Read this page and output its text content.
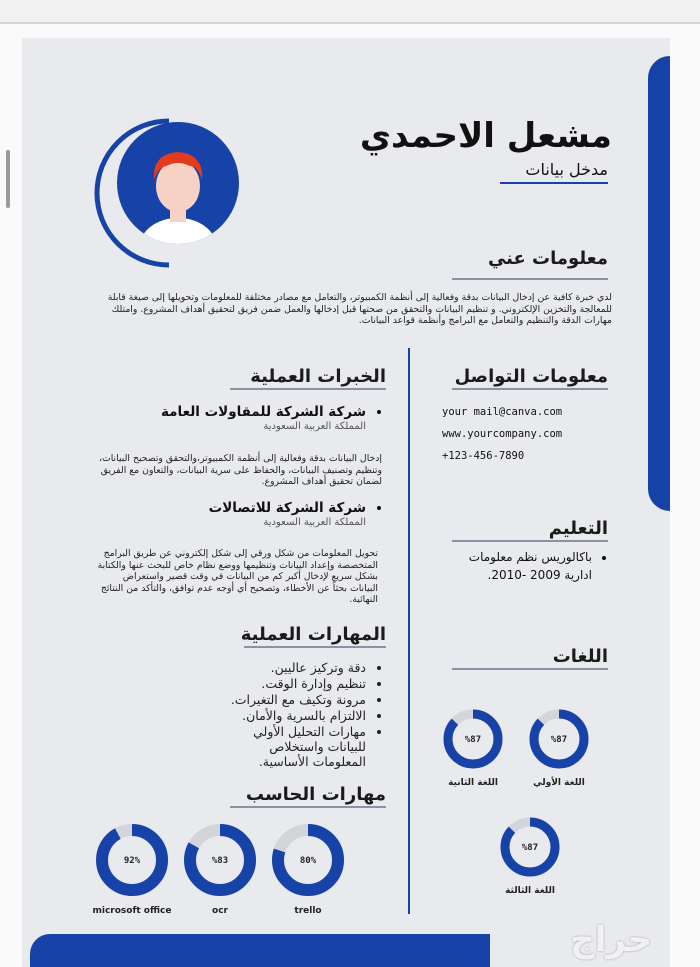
مشعل الاحمدي
مدخل بيانات
معلومات عني
لدي خبرة كافية عن إدخال البيانات بدقة وفعالية إلى أنظمة الكمبيوتر، والتعامل مع مصادر مختلفة للمعلومات وتحويلها إلى صيغة قابلة للمعالجة والتخزين الإلكتروني. و تنظيم البيانات والتحقق من صحتها قبل إدخالها والعمل ضمن فريق لتحقيق أهداف المشروع. وامتلك مهارات الدقة والتنظيم والتعامل مع البرامج وأنظمة قواعد البيانات.
الخبرات العملية
• شركة الشركة للمقاولات العامة
المملكة العربية السعودية
إدخال البيانات بدقة وفعالية إلى أنظمة الكمبيوتر،والتحقق وتصحيح البيانات، وتنظيم وتصنيف البيانات، والحفاظ على سرية البيانات، والتعاون مع الفريق لضمان تحقيق أهداف المشروع.
• شركة الشركة للاتصالات
المملكة العربية السعودية
تحويل المعلومات من شكل ورقي إلى شكل إلكتروني عن طريق البرامج المتخصصة وإعداد البيانات وتنظيمها ووضع نظام خاص للبحث عنها والكتابة بشكل سريع لإدخال أكبر كم من البيانات في وقت قصير واستعراض البيانات بحثاً عن الأخطاء، وتصحيح أي أوجه عدم توافق، والتأكد من النتائج النهائية.
المهارات العملية
• دقة وتركيز عاليين.
• تنظيم وإدارة الوقت.
• مرونة وتكيف مع التغيرات.
• الالتزام بالسرية والأمان.
• مهارات التحليل الأولي للبيانات واستخلاص المعلومات الأساسية.
مهارات الحاسب
92%
microsoft office
%83
ocr
80%
trello
معلومات التواصل
your mail@canva.com
www.yourcompany.com
+123-456-7890
التعليم
• باكالوريس نظم معلومات
ادارية 2009 -2010.
اللغات
%87
اللغة الأولي
%87
اللغة الثانية
%87
اللغة الثالثة
حراج
